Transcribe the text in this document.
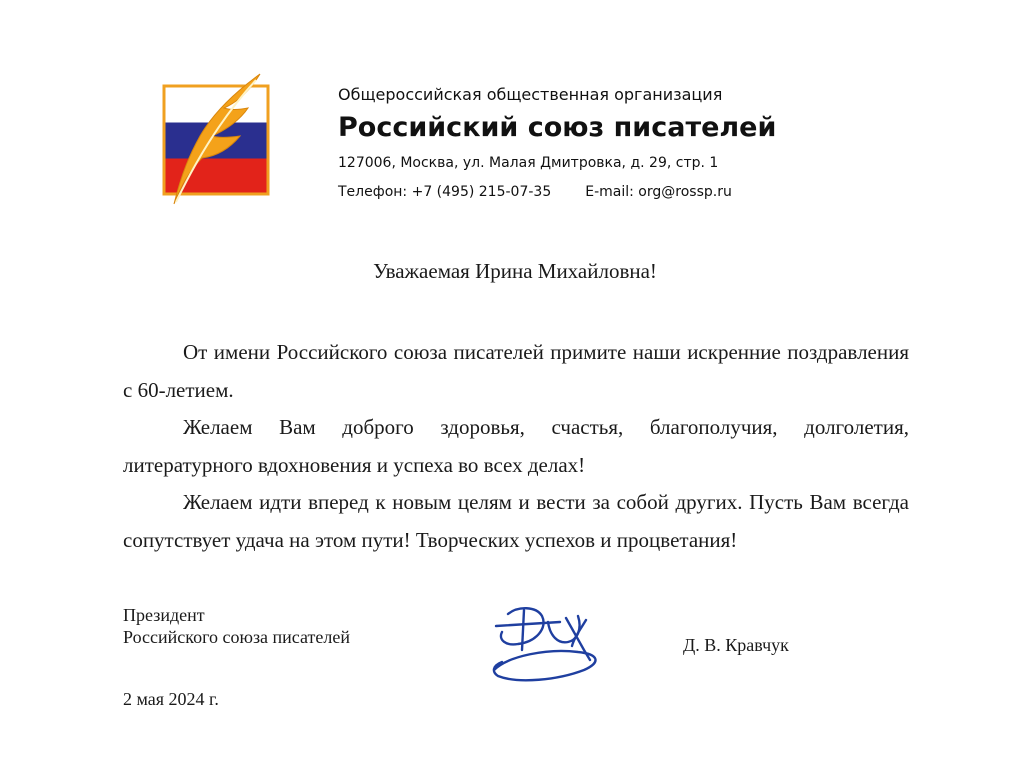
Общероссийская общественная организация
Российский союз писателей
127006, Москва, ул. Малая Дмитровка, д. 29, стр. 1
Телефон: +7 (495) 215-07-35 E-mail: org@rossp.ru
Уважаемая Ирина Михайловна!

От имени Российского союза писателей примите наши искренние поздравления с 60-летием.

Желаем Вам доброго здоровья, счастья, благополучия, долголетия, литературного вдохновения и успеха во всех делах!

Желаем идти вперед к новым целям и вести за собой других. Пусть Вам всегда сопутствует удача на этом пути! Творческих успехов и процветания!

Президент
Российского союза писателей	Д. В. Кравчук
2 мая 2024 г.
